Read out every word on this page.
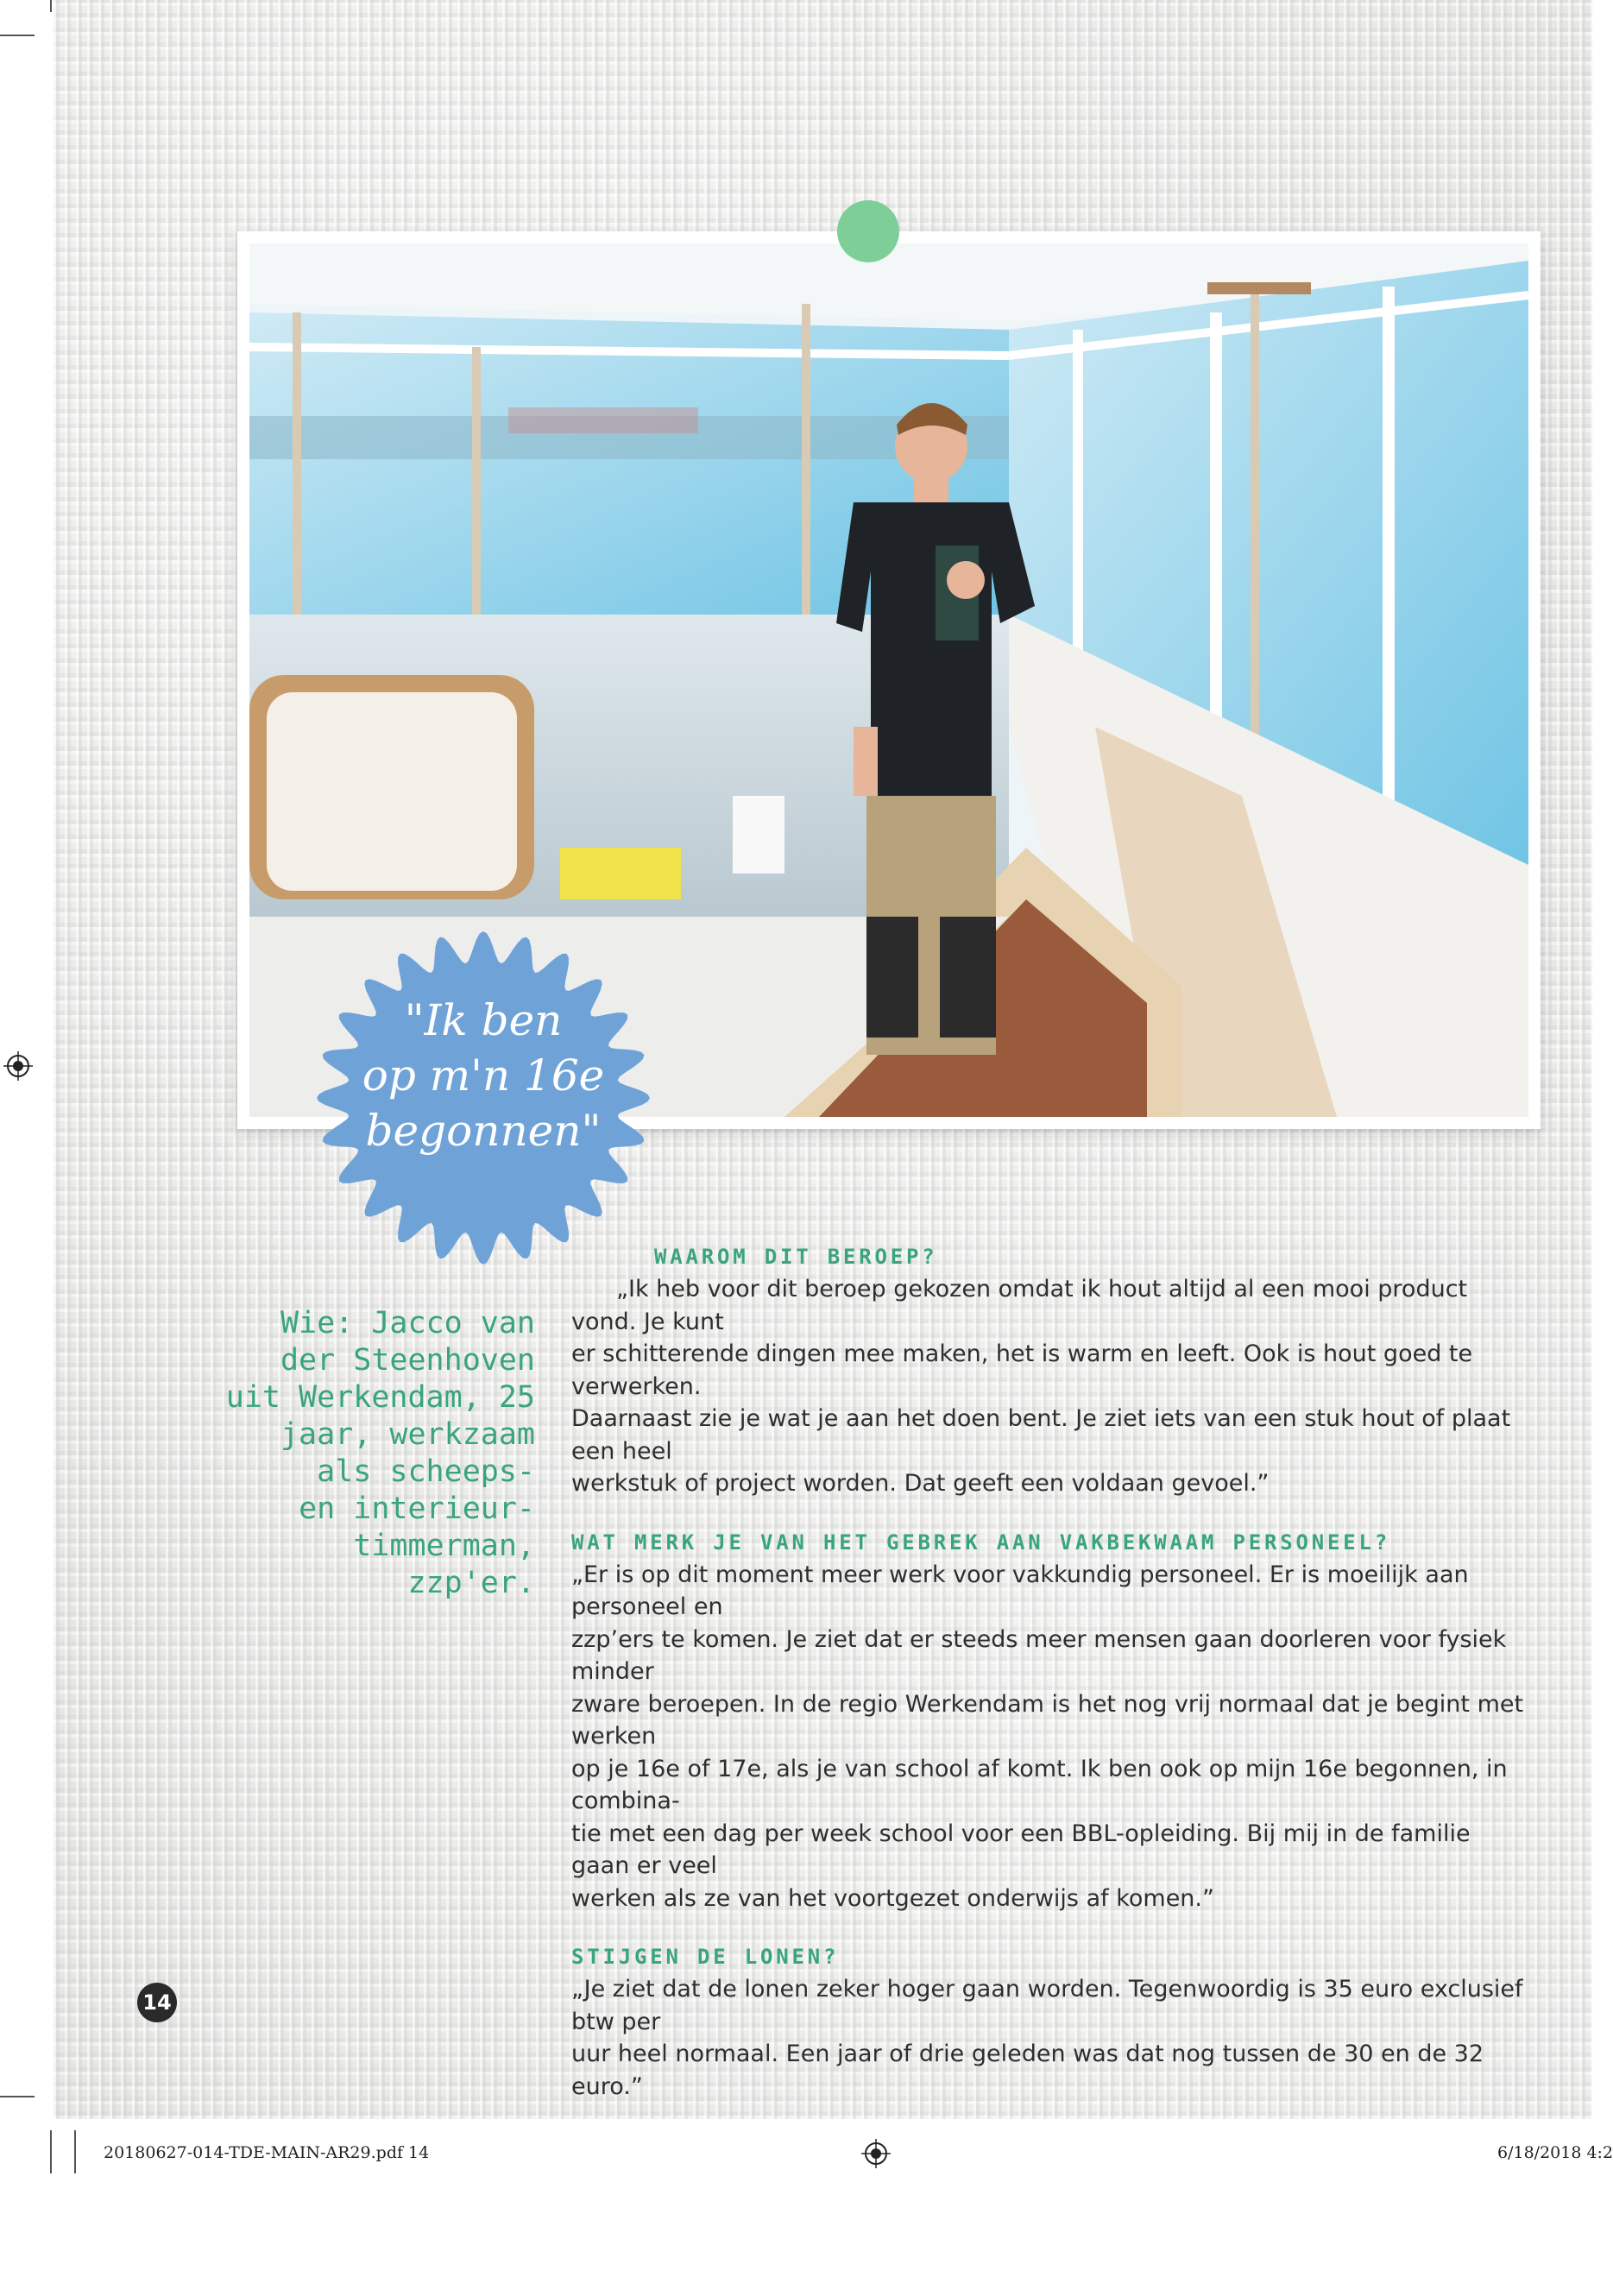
"Ik ben
op m'n 16e
begonnen"
Wie: Jacco van
der Steenhoven
uit Werkendam, 25
jaar, werkzaam
als scheeps-
en interieur-
timmerman,
zzp'er.
WAAROM DIT BEROEP?
„Ik heb voor dit beroep gekozen omdat ik hout altijd al een mooi product vond. Je kunt
er schitterende dingen mee maken, het is warm en leeft. Ook is hout goed te verwerken.
Daarnaast zie je wat je aan het doen bent. Je ziet iets van een stuk hout of plaat een heel
werkstuk of project worden. Dat geeft een voldaan gevoel.”
WAT MERK JE VAN HET GEBREK AAN VAKBEKWAAM PERSONEEL?
„Er is op dit moment meer werk voor vakkundig personeel. Er is moeilijk aan personeel en
zzp’ers te komen. Je ziet dat er steeds meer mensen gaan doorleren voor fysiek minder
zware beroepen. In de regio Werkendam is het nog vrij normaal dat je begint met werken
op je 16e of 17e, als je van school af komt. Ik ben ook op mijn 16e begonnen, in combina-
tie met een dag per week school voor een BBL-opleiding. Bij mij in de familie gaan er veel
werken als ze van het voortgezet onderwijs af komen.”
STIJGEN DE LONEN?
„Je ziet dat de lonen zeker hoger gaan worden. Tegenwoordig is 35 euro exclusief btw per
uur heel normaal. Een jaar of drie geleden was dat nog tussen de 30 en de 32 euro.”
14
20180627-014-TDE-MAIN-AR29.pdf 14	6/18/2018 4:2
